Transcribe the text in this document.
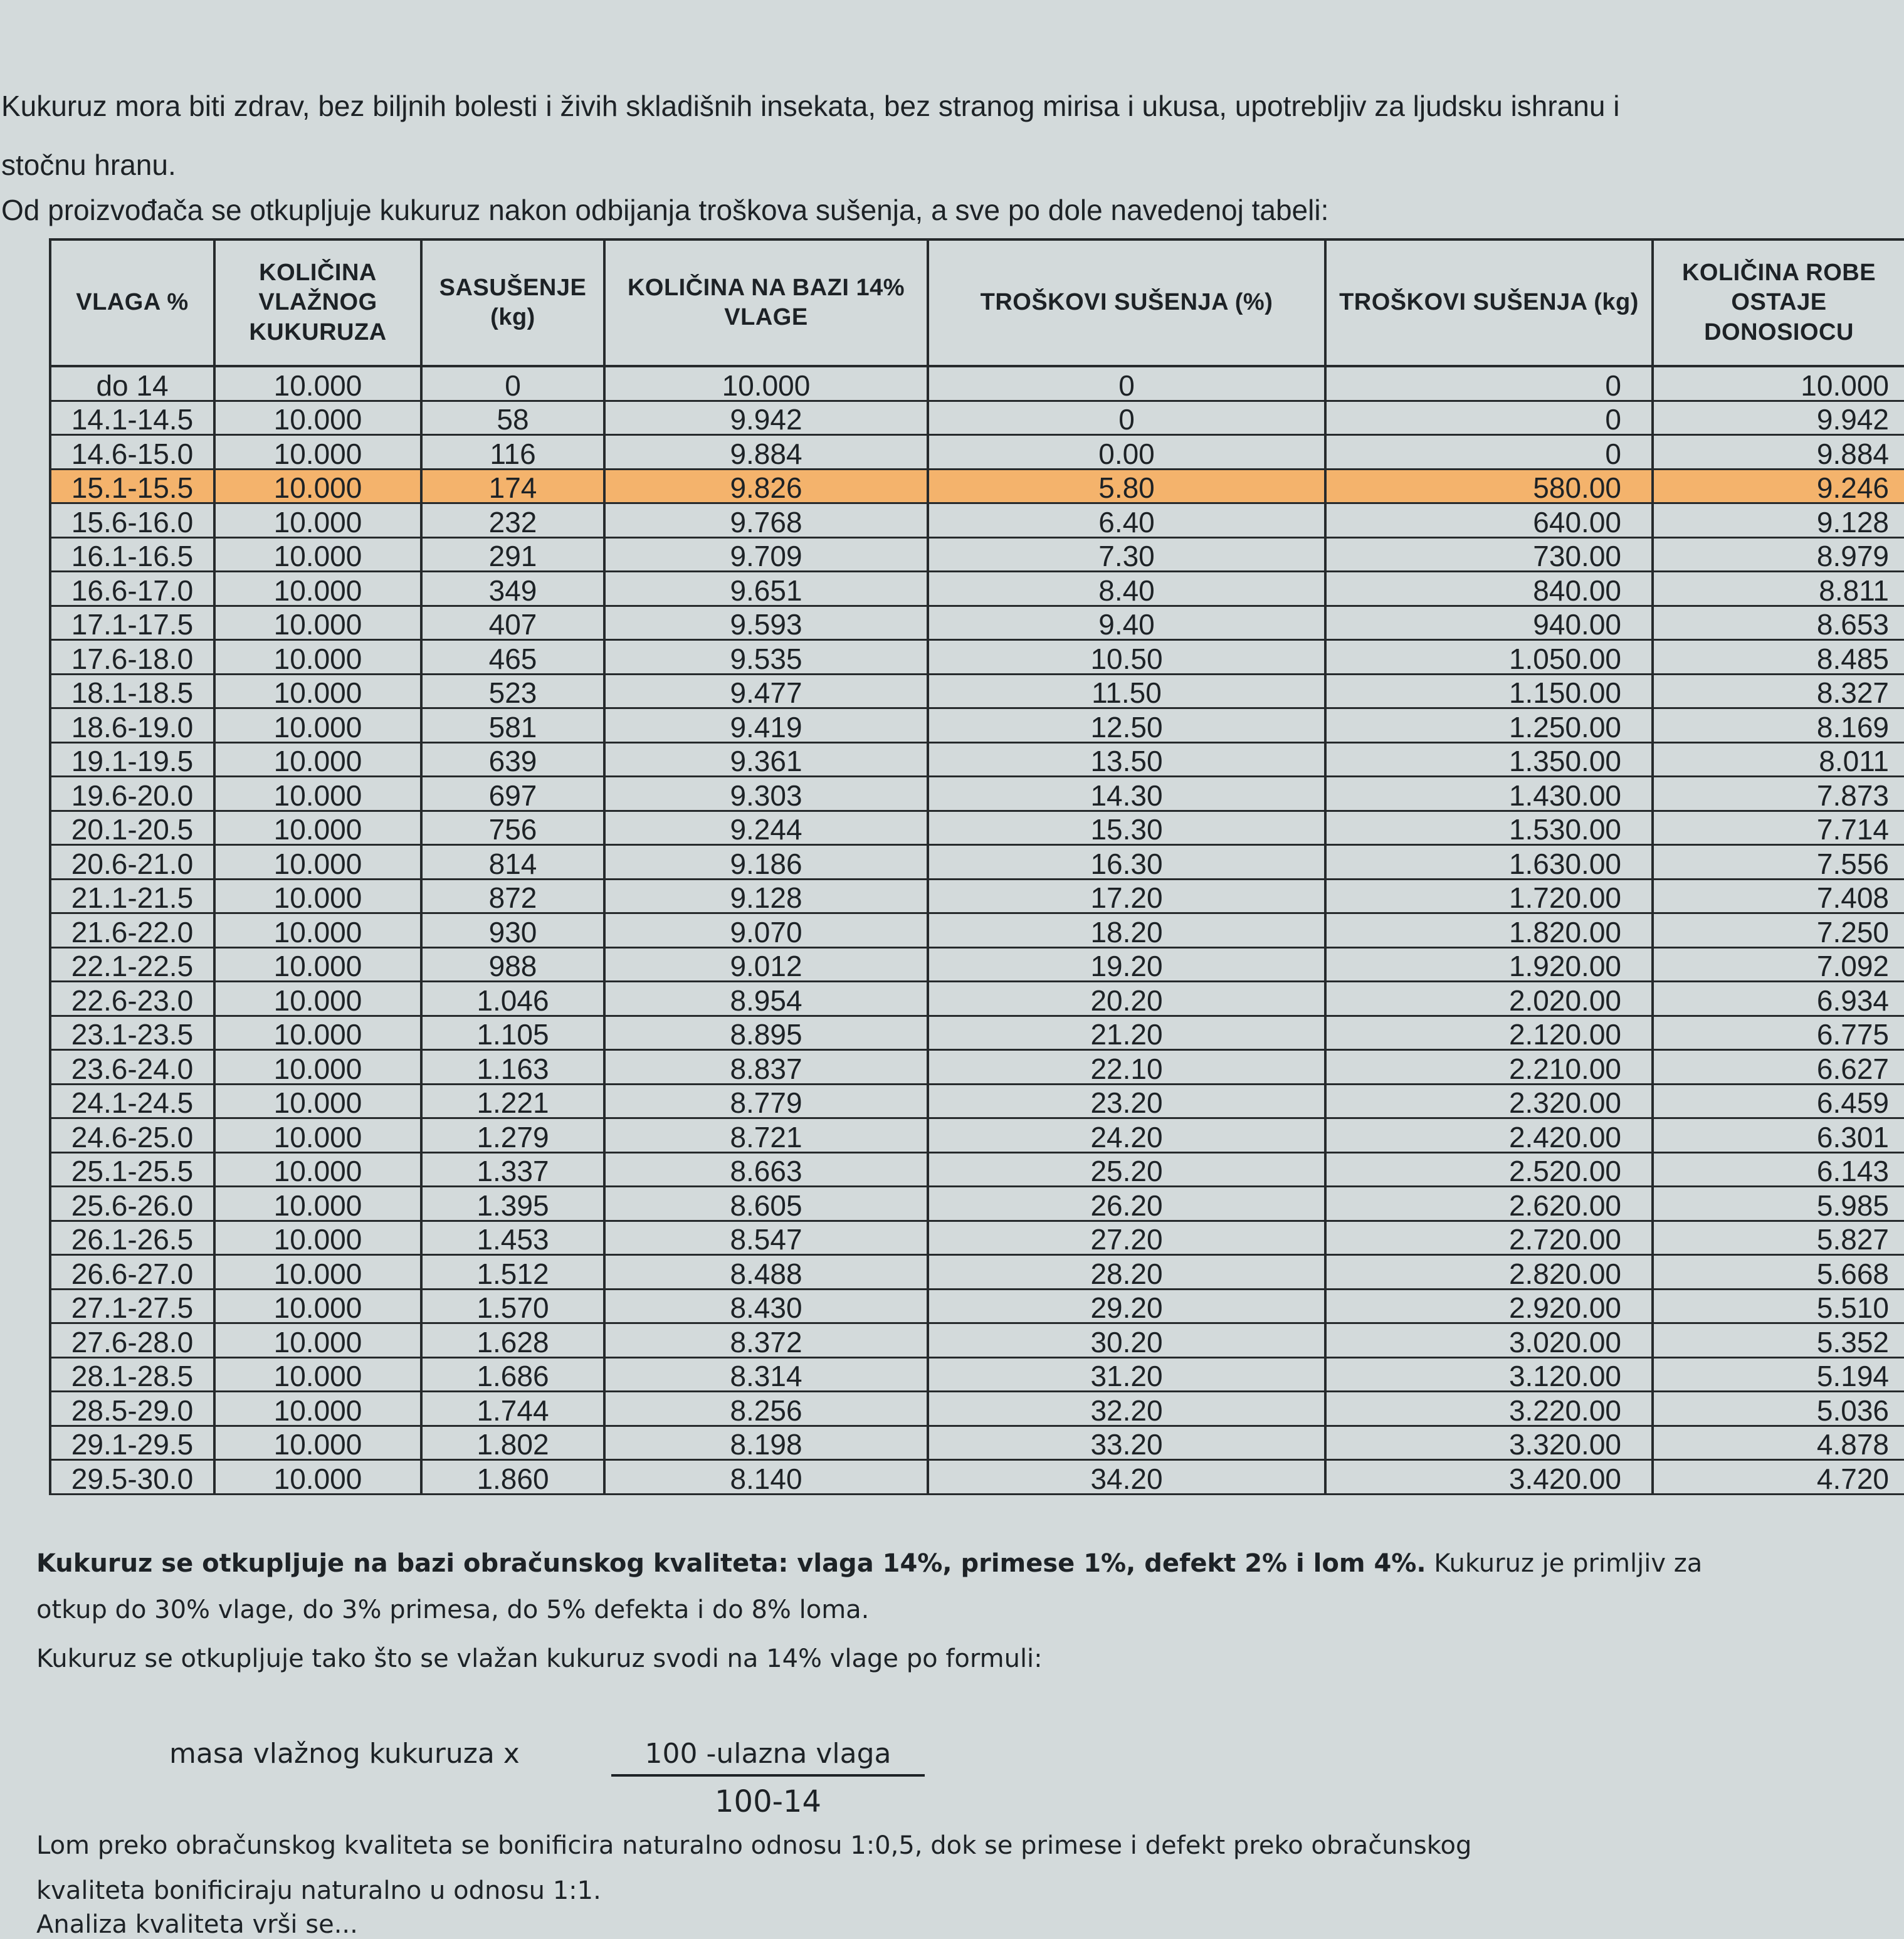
Kukuruz mora biti zdrav, bez biljnih bolesti i živih skladišnih insekata, bez stranog mirisa i ukusa, upotrebljiv za ljudsku ishranu i
stočnu hranu.
Od proizvođača se otkupljuje kukuruz nakon odbijanja troškova sušenja, a sve po dole navedenoj tabeli:
VLAGA %	KOLIČINA VLAŽNOG KUKURUZA	SASUŠENJE (kg)	KOLIČINA NA BAZI 14% VLAGE	TROŠKOVI SUŠENJA (%)	TROŠKOVI SUŠENJA (kg)	KOLIČINA ROBE OSTAJE DONOSIOCU
do 14	10.000	0	10.000	0	0	10.000
14.1-14.5	10.000	58	9.942	0	0	9.942
14.6-15.0	10.000	116	9.884	0.00	0	9.884
15.1-15.5	10.000	174	9.826	5.80	580.00	9.246
15.6-16.0	10.000	232	9.768	6.40	640.00	9.128
16.1-16.5	10.000	291	9.709	7.30	730.00	8.979
16.6-17.0	10.000	349	9.651	8.40	840.00	8.811
17.1-17.5	10.000	407	9.593	9.40	940.00	8.653
17.6-18.0	10.000	465	9.535	10.50	1.050.00	8.485
18.1-18.5	10.000	523	9.477	11.50	1.150.00	8.327
18.6-19.0	10.000	581	9.419	12.50	1.250.00	8.169
19.1-19.5	10.000	639	9.361	13.50	1.350.00	8.011
19.6-20.0	10.000	697	9.303	14.30	1.430.00	7.873
20.1-20.5	10.000	756	9.244	15.30	1.530.00	7.714
20.6-21.0	10.000	814	9.186	16.30	1.630.00	7.556
21.1-21.5	10.000	872	9.128	17.20	1.720.00	7.408
21.6-22.0	10.000	930	9.070	18.20	1.820.00	7.250
22.1-22.5	10.000	988	9.012	19.20	1.920.00	7.092
22.6-23.0	10.000	1.046	8.954	20.20	2.020.00	6.934
23.1-23.5	10.000	1.105	8.895	21.20	2.120.00	6.775
23.6-24.0	10.000	1.163	8.837	22.10	2.210.00	6.627
24.1-24.5	10.000	1.221	8.779	23.20	2.320.00	6.459
24.6-25.0	10.000	1.279	8.721	24.20	2.420.00	6.301
25.1-25.5	10.000	1.337	8.663	25.20	2.520.00	6.143
25.6-26.0	10.000	1.395	8.605	26.20	2.620.00	5.985
26.1-26.5	10.000	1.453	8.547	27.20	2.720.00	5.827
26.6-27.0	10.000	1.512	8.488	28.20	2.820.00	5.668
27.1-27.5	10.000	1.570	8.430	29.20	2.920.00	5.510
27.6-28.0	10.000	1.628	8.372	30.20	3.020.00	5.352
28.1-28.5	10.000	1.686	8.314	31.20	3.120.00	5.194
28.5-29.0	10.000	1.744	8.256	32.20	3.220.00	5.036
29.1-29.5	10.000	1.802	8.198	33.20	3.320.00	4.878
29.5-30.0	10.000	1.860	8.140	34.20	3.420.00	4.720
Kukuruz se otkupljuje na bazi obračunskog kvaliteta: vlaga 14%, primese 1%, defekt 2% i lom 4%. Kukuruz je primljiv za
otkup do 30% vlage, do 3% primesa, do 5% defekta i do 8% loma.
Kukuruz se otkupljuje tako što se vlažan kukuruz svodi na 14% vlage po formuli:
masa vlažnog kukuruza x	100 -ulazna vlaga
100-14
Lom preko obračunskog kvaliteta se bonificira naturalno odnosu 1:0,5, dok se primese i defekt preko obračunskog
kvaliteta bonificiraju naturalno u odnosu 1:1.
Analiza kvaliteta vrši se...
